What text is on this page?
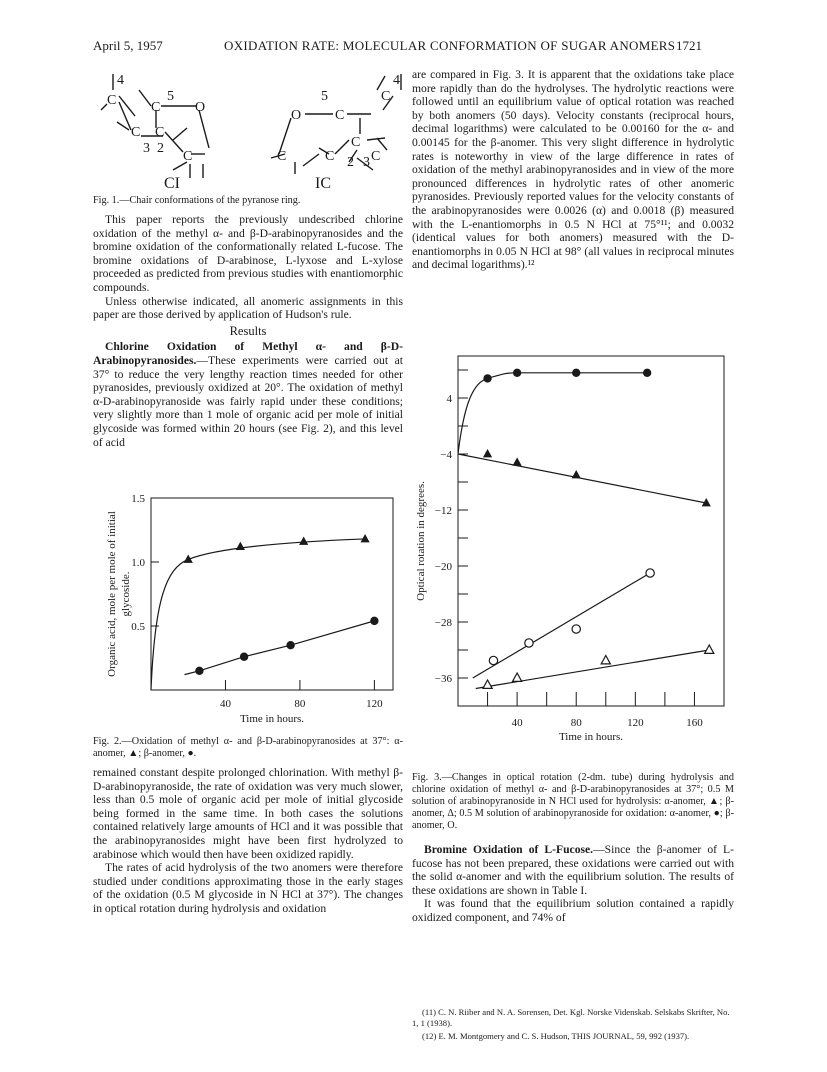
April 5, 1957	OXIDATION RATE: MOLECULAR CONFORMATION OF SUGAR ANOMERS 1721
4
C	5
C O
C C
C
3 2
CI
4
C
5
C
O
C
C	C	C
2 3
IC
Fig. 1.—Chair conformations of the pyranose ring.

This paper reports the previously undescribed chlorine oxidation of the methyl α- and β-D-arabinopyranosides and the bromine oxidation of the conformationally related L-fucose. The bromine oxidations of D-arabinose, L-lyxose and L-xylose proceeded as predicted from previous studies with enantiomorphic compounds.

Unless otherwise indicated, all anomeric assignments in this paper are those derived by application of Hudson's rule.

Results

Chlorine Oxidation of Methyl α- and β-D-Arabinopyranosides.—These experiments were carried out at 37° to reduce the very lengthy reaction times needed for other pyranosides, previously oxidized at 20°. The oxidation of methyl α-D-arabinopyranoside was fairly rapid under these conditions; very slightly more than 1 mole of organic acid per mole of initial glycoside was formed within 20 hours (see Fig. 2), and this level of acid

40	80	120
0.5
1.0
1.5
Time in hours.
Organic acid, mole per mole of initial glycoside.
Fig. 2.—Oxidation of methyl α- and β-D-arabinopyranosides at 37°: α-anomer, ▲; β-anomer, ●.

remained constant despite prolonged chlorination. With methyl β-D-arabinopyranoside, the rate of oxidation was very much slower, less than 0.5 mole of organic acid per mole of initial glycoside being formed in the same time. In both cases the solutions contained relatively large amounts of HCl and it was possible that the arabinopyranosides might have been first hydrolyzed to arabinose which would then have been oxidized rapidly.

The rates of acid hydrolysis of the two anomers were therefore studied under conditions approximating those in the early stages of the oxidation (0.5 M glycoside in N HCl at 37°). The changes in optical rotation during hydrolysis and oxidation

are compared in Fig. 3. It is apparent that the oxidations take place more rapidly than do the hydrolyses. The hydrolytic reactions were followed until an equilibrium value of optical rotation was reached by both anomers (50 days). Velocity constants (reciprocal hours, decimal logarithms) were calculated to be 0.00160 for the α- and 0.00145 for the β-anomer. This very slight difference in hydrolytic rates is noteworthy in view of the large difference in rates of oxidation of the methyl arabinopyranosides and in view of the more pronounced differences in hydrolytic rates of other anomeric pyranosides. Previously reported values for the velocity constants of the arabinopyranosides were 0.0026 (α) and 0.0018 (β) measured with the L-enantiomorphs in 0.5 N HCl at 75°¹¹; and 0.0032 (identical values for both anomers) measured with the D-enantiomorphs in 0.05 N HCl at 98° (all values in reciprocal minutes and decimal logarithms).¹²

40	80	120	160
4
−4
−12
−20
−28
−36
Time in hours.
Optical rotation in degrees.
Fig. 3.—Changes in optical rotation (2-dm. tube) during hydrolysis and chlorine oxidation of methyl α- and β-D-arabinopyranosides at 37°; 0.5 M solution of arabinopyranoside in N HCl used for hydrolysis: α-anomer, ▲; β-anomer, Δ; 0.5 M solution of arabinopyranoside for oxidation: α-anomer, ●; β-anomer, O.

Bromine Oxidation of L-Fucose.—Since the β-anomer of L-fucose has not been prepared, these oxidations were carried out with the solid α-anomer and with the equilibrium solution. The results of these oxidations are shown in Table I.

It was found that the equilibrium solution contained a rapidly oxidized component, and 74% of

(11) C. N. Riiber and N. A. Sorensen, Det. Kgl. Norske Videnskab. Selskabs Skrifter, No. 1, 1 (1938).
(12) E. M. Montgomery and C. S. Hudson, THIS JOURNAL, 59, 992 (1937).
